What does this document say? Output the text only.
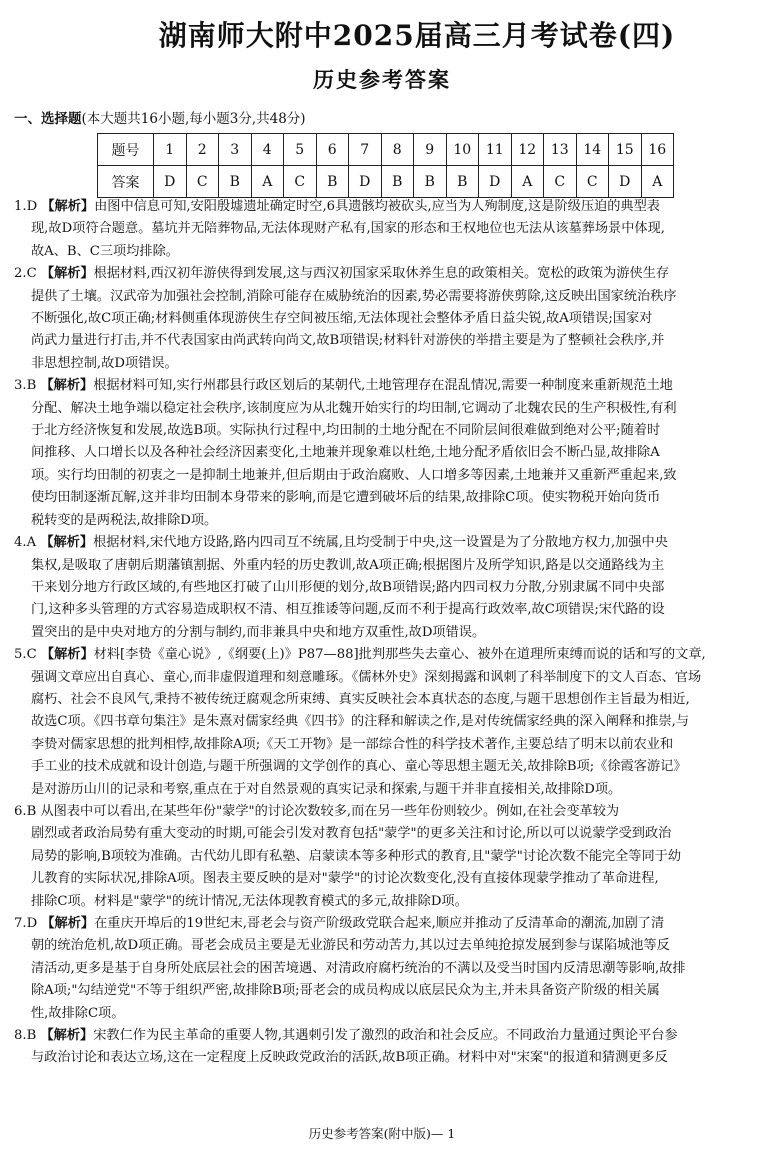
湖南师大附中2025届高三月考试卷(四)
历史参考答案
一、选择题(本大题共16小题,每小题3分,共48分)
题号	1	2	3	4	5	6	7	8	9	10	11	12	13	14	15	16
答案	D	C	B	A	C	B	D	B	B	B	D	A	C	C	D	A
1.D 【解析】由图中信息可知,安阳殷墟遗址确定时空,6具遗骸均被砍头,应当为人殉制度,这是阶级压迫的典型表
现,故D项符合题意。墓坑并无陪葬物品,无法体现财产私有,国家的形态和王权地位也无法从该墓葬场景中体现,
故A、B、C三项均排除。
2.C 【解析】根据材料,西汉初年游侠得到发展,这与西汉初国家采取休养生息的政策相关。宽松的政策为游侠生存
提供了土壤。汉武帝为加强社会控制,消除可能存在威胁统治的因素,势必需要将游侠剪除,这反映出国家统治秩序
不断强化,故C项正确;材料侧重体现游侠生存空间被压缩,无法体现社会整体矛盾日益尖锐,故A项错误;国家对
尚武力量进行打击,并不代表国家由尚武转向尚文,故B项错误;材料针对游侠的举措主要是为了整顿社会秩序,并
非思想控制,故D项错误。
3.B 【解析】根据材料可知,实行州郡县行政区划后的某朝代,土地管理存在混乱情况,需要一种制度来重新规范土地
分配、解决土地争端以稳定社会秩序,该制度应为从北魏开始实行的均田制,它调动了北魏农民的生产积极性,有利
于北方经济恢复和发展,故选B项。实际执行过程中,均田制的土地分配在不同阶层间很难做到绝对公平;随着时
间推移、人口增长以及各种社会经济因素变化,土地兼并现象难以杜绝,土地分配矛盾依旧会不断凸显,故排除A
项。实行均田制的初衷之一是抑制土地兼并,但后期由于政治腐败、人口增多等因素,土地兼并又重新严重起来,致
使均田制逐渐瓦解,这并非均田制本身带来的影响,而是它遭到破坏后的结果,故排除C项。使实物税开始向货币
税转变的是两税法,故排除D项。
4.A 【解析】根据材料,宋代地方设路,路内四司互不统属,且均受制于中央,这一设置是为了分散地方权力,加强中央
集权,是吸取了唐朝后期藩镇割据、外重内轻的历史教训,故A项正确;根据图片及所学知识,路是以交通路线为主
干来划分地方行政区域的,有些地区打破了山川形便的划分,故B项错误;路内四司权力分散,分别隶属不同中央部
门,这种多头管理的方式容易造成职权不清、相互推诿等问题,反而不利于提高行政效率,故C项错误;宋代路的设
置突出的是中央对地方的分割与制约,而非兼具中央和地方双重性,故D项错误。
5.C 【解析】材料[李贽《童心说》,《纲要(上)》P87—88]批判那些失去童心、被外在道理所束缚而说的话和写的文章,
强调文章应出自真心、童心,而非虚假道理和刻意雕琢。《儒林外史》深刻揭露和讽刺了科举制度下的文人百态、官场
腐朽、社会不良风气,秉持不被传统迂腐观念所束缚、真实反映社会本真状态的态度,与题干思想创作主旨最为相近,
故选C项。《四书章句集注》是朱熹对儒家经典《四书》的注释和解读之作,是对传统儒家经典的深入阐释和推崇,与
李贽对儒家思想的批判相悖,故排除A项;《天工开物》是一部综合性的科学技术著作,主要总结了明末以前农业和
手工业的技术成就和设计创造,与题干所强调的文学创作的真心、童心等思想主题无关,故排除B项;《徐霞客游记》
是对游历山川的记录和考察,重点在于对自然景观的真实记录和探索,与题干并非直接相关,故排除D项。
6.B 从图表中可以看出,在某些年份"蒙学"的讨论次数较多,而在另一些年份则较少。例如,在社会变革较为
剧烈或者政治局势有重大变动的时期,可能会引发对教育包括"蒙学"的更多关注和讨论,所以可以说蒙学受到政治
局势的影响,B项较为准确。古代幼儿即有私塾、启蒙读本等多种形式的教育,且"蒙学"讨论次数不能完全等同于幼
儿教育的实际状况,排除A项。图表主要反映的是对"蒙学"的讨论次数变化,没有直接体现蒙学推动了革命进程,
排除C项。材料是"蒙学"的统计情况,无法体现教育模式的多元,故排除D项。
7.D 【解析】在重庆开埠后的19世纪末,哥老会与资产阶级政党联合起来,顺应并推动了反清革命的潮流,加剧了清
朝的统治危机,故D项正确。哥老会成员主要是无业游民和劳动苦力,其以过去单纯抢掠发展到参与谋陷城池等反
清活动,更多是基于自身所处底层社会的困苦境遇、对清政府腐朽统治的不满以及受当时国内反清思潮等影响,故排
除A项;"勾结逆党"不等于组织严密,故排除B项;哥老会的成员构成以底层民众为主,并未具备资产阶级的相关属
性,故排除C项。
8.B 【解析】宋教仁作为民主革命的重要人物,其遇刺引发了激烈的政治和社会反应。不同政治力量通过舆论平台参
与政治讨论和表达立场,这在一定程度上反映政党政治的活跃,故B项正确。材料中对"宋案"的报道和猜测更多反
历史参考答案(附中版)— 1
